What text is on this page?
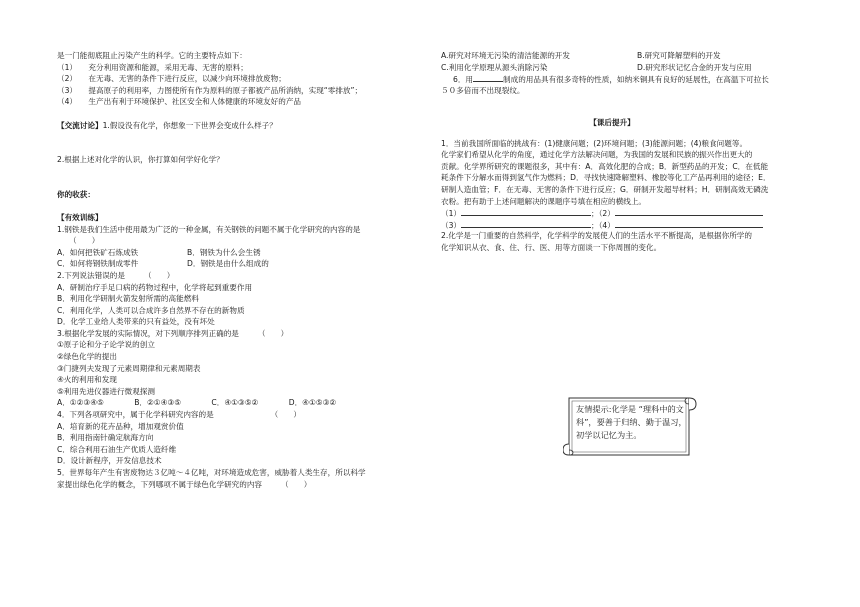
是一门能彻底阻止污染产生的科学。它的主要特点如下：
（1）　　充分利用资源和能源，采用无毒、无害的原料；
（2）　　在无毒、无害的条件下进行反应，以减少向环境排放废物；
（3）　　提高原子的利用率，力图使所有作为原料的原子都被产品所消纳，实现“零排放”；
（4）　　生产出有利于环境保护、社区安全和人体健康的环境友好的产品
【交流讨论】1.假设没有化学，你想象一下世界会变成什么样子？
2.根据上述对化学的认识，你打算如何学好化学？
你的收获：
【有效训练】
1.钢铁是我们生活中使用最为广泛的一种金属，有关钢铁的问题不属于化学研究的内容的是
（　　）
A．如何把铁矿石炼成铁	B．钢铁为什么会生锈
C．如何将钢铁制成零件	D．钢铁是由什么组成的
2.下列说法错误的是　　　（　　）
A．研制治疗手足口病的药物过程中，化学将起到重要作用
B．利用化学研制火箭发射所需的高能燃料
C．利用化学，人类可以合成许多自然界不存在的新物质
D．化学工业给人类带来的只有益处，没有坏处
3.根据化学发展的实际情况，对下列顺序排列正确的是　　　（　　）
①原子论和分子论学说的创立
②绿色化学的提出
③门捷列夫发现了元素周期律和元素周期表
④火的利用和发现
⑤利用先进仪器进行微观探测
A．①②③④⑤　　　　B．②①④③⑤　　　　C．④①③⑤②　　　　D．④①⑤③②
4．下列各项研究中，属于化学科研究内容的是　　　　　　　　（　　）
A．培育新的花卉品种，增加观赏价值
B．利用指南针确定航海方向
C．综合利用石油生产优质人造纤维
D．设计新程序，开发信息技术
5．世界每年产生有害废物达３亿吨～４亿吨，对环境造成危害，威胁着人类生存，所以科学
家提出绿色化学的概念，下列哪项不属于绿色化学研究的内容　　　（　　）
A.研究对环境无污染的清洁能源的开发	B.研究可降解塑料的开发
C.利用化学原理从源头消除污染	D.研究形状记忆合金的开发与应用
6．用	制成的用品具有很多奇特的性质，如纳米铜具有良好的延展性，在高温下可拉长
５０多倍而不出现裂纹。
【课后提升】
1．当前我国所面临的挑战有：(1)健康问题；(2)环境问题；(3)能源问题；(4)粮食问题等。
化学家们希望从化学的角度，通过化学方法解决问题，为我国的发展和民族的振兴作出更大的
贡献。化学界所研究的课题很多，其中有：A．高效化肥的合成；B．新型药品的开发；C．在低能
耗条件下分解水而得到氢气作为燃料；D．寻找快速降解塑料、橡胶等化工产品再利用的途径；E．
研制人造血管；F．在无毒、无害的条件下进行反应；G．研制开发超导材料；H．研制高效无磷洗
衣粉。把有助于上述问题解决的课题序号填在相应的横线上。
（1）	；（2）
（3）	；（4）
2.化学是一门重要的自然科学，化学科学的发展使人们的生活水平不断提高，是根据你所学的
化学知识从衣、食、住、行、医、用等方面谈一下你周围的变化。
友情提示:化学是 “理科中的文科”，要善于归纳、勤于温习，初学以记忆为主。
